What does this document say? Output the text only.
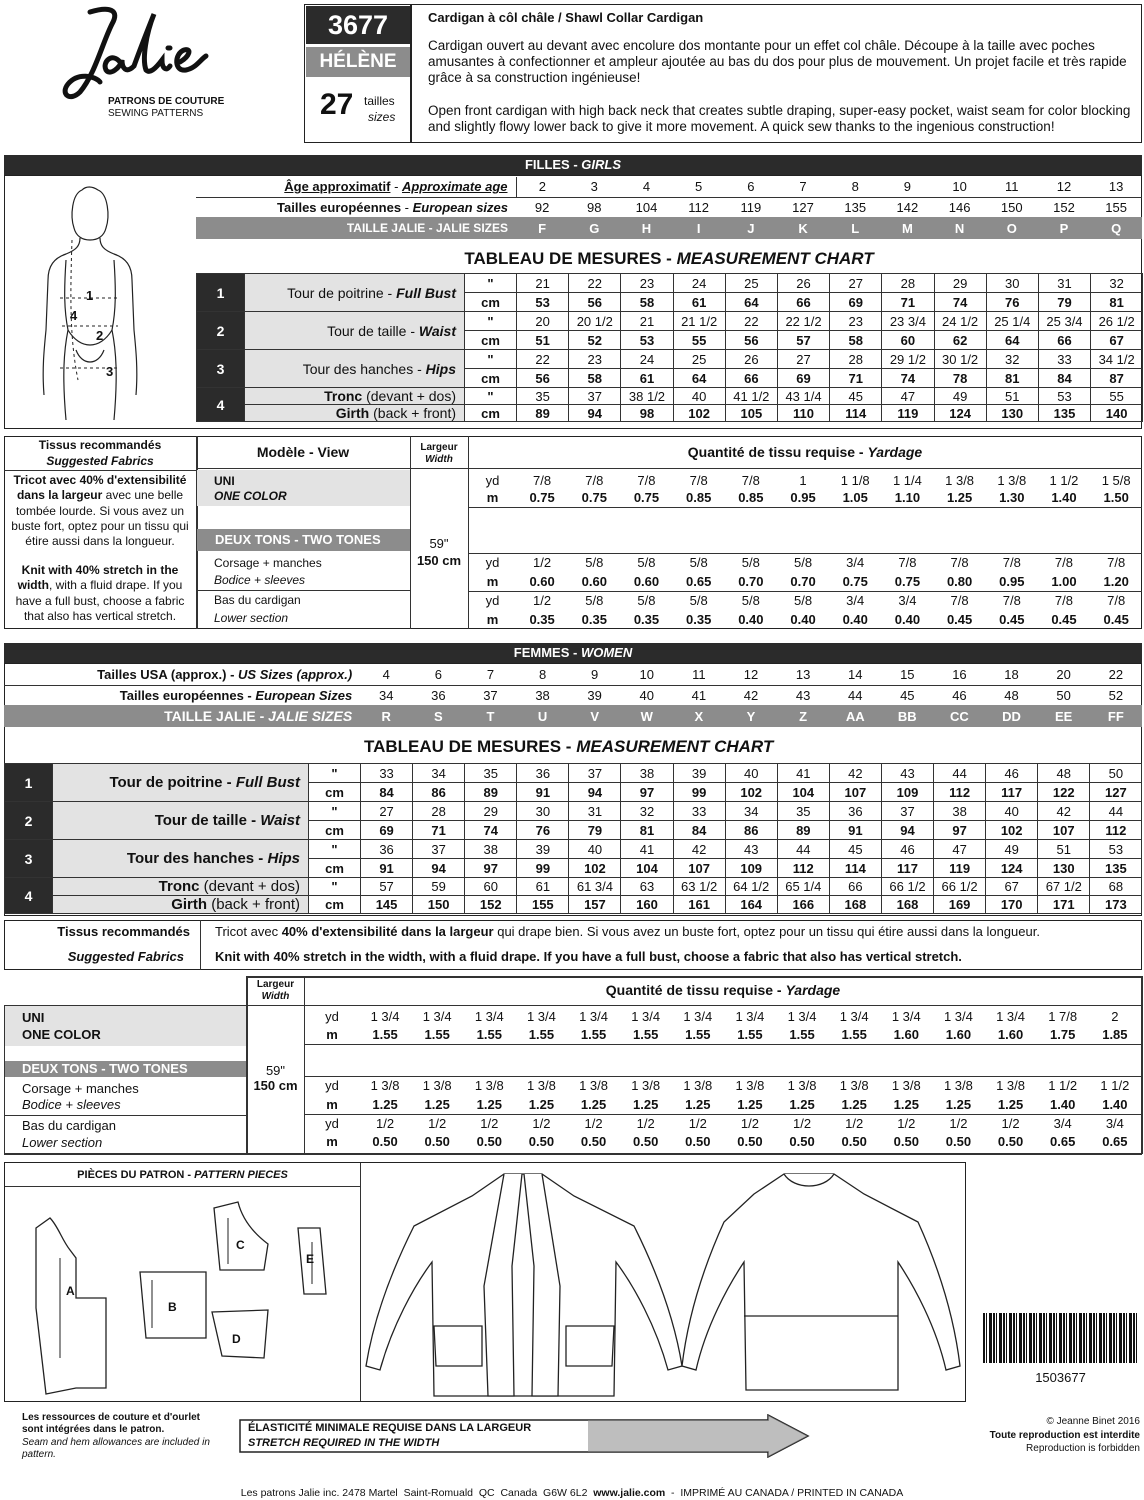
PATRONS DE COUTURE
SEWING PATTERNS
3677
HÉLÈNE
27 tailles
sizes
Cardigan à côl châle / Shawl Collar Cardigan
Cardigan ouvert au devant avec encolure dos montante pour un effet col châle. Découpe à la taille avec poches amusantes à confectionner et ampleur ajoutée au bas du dos pour plus de mouvement. Un projet facile et très rapide grâce à sa construction ingénieuse!
Open front cardigan with high back neck that creates subtle draping, super-easy pocket, waist seam for color blocking and slightly flowy lower back to give it more movement. A quick sew thanks to the ingenious construction!
FILLES - GIRLS
1
2
3
4
Âge approximatif - Approximate age	2	3	4	5	6	7	8	9	10	11	12	13
Tailles européennes - European sizes	92	98	104	112	119	127	135	142	146	150	152	155
TAILLE JALIE - JALIE SIZES	F	G	H	I	J	K	L	M	N	O	P	Q
TABLEAU DE MESURES - MEASUREMENT CHART
1	Tour de poitrine - Full Bust	"	21	22	23	24	25	26	27	28	29	30	31	32
		cm	53	56	58	61	64	66	69	71	74	76	79	81
2	Tour de taille - Waist	"	20	20 1/2	21	21 1/2	22	22 1/2	23	23 3/4	24 1/2	25 1/4	25 3/4	26 1/2
		cm	51	52	53	55	56	57	58	60	62	64	66	67
3	Tour des hanches - Hips	"	22	23	24	25	26	27	28	29 1/2	30 1/2	32	33	34 1/2
		cm	56	58	61	64	66	69	71	74	78	81	84	87
4	Tronc (devant + dos)	"	35	37	38 1/2	40	41 1/2	43 1/4	45	47	49	51	53	55
	Girth (back + front)	cm	89	94	98	102	105	110	114	119	124	130	135	140
Tissus recommandés
Suggested Fabrics
Tricot avec 40% d'extensibilité dans la largeur avec une belle tombée lourde. Si vous avez un buste fort, optez pour un tissu qui étire aussi dans la longueur.
Knit with 40% stretch in the width, with a fluid drape. If you have a full bust, choose a fabric that also has vertical stretch.
Modèle - View	Largeur
Width	Quantité de tissu requise - Yardage
UNI
ONE COLOR
DEUX TONS - TWO TONES
Corsage + manches
Bodice + sleeves
Bas du cardigan
Lower section
59"
150 cm
yd	7/8	7/8	7/8	7/8	7/8	1	1 1/8	1 1/4	1 3/8	1 3/8	1 1/2	1 5/8
m	0.75	0.75	0.75	0.85	0.85	0.95	1.05	1.10	1.25	1.30	1.40	1.50

yd	1/2	5/8	5/8	5/8	5/8	5/8	3/4	7/8	7/8	7/8	7/8	7/8
m	0.60	0.60	0.60	0.65	0.70	0.70	0.75	0.75	0.80	0.95	1.00	1.20
yd	1/2	5/8	5/8	5/8	5/8	5/8	3/4	3/4	7/8	7/8	7/8	7/8
m	0.35	0.35	0.35	0.35	0.40	0.40	0.40	0.40	0.45	0.45	0.45	0.45
FEMMES - WOMEN
Tailles USA (approx.) - US Sizes (approx.)	4	6	7	8	9	10	11	12	13	14	15	16	18	20	22
Tailles européennes - European Sizes	34	36	37	38	39	40	41	42	43	44	45	46	48	50	52
TAILLE JALIE - JALIE SIZES	R	S	T	U	V	W	X	Y	Z	AA	BB	CC	DD	EE	FF
TABLEAU DE MESURES - MEASUREMENT CHART
1	Tour de poitrine - Full Bust	"	33	34	35	36	37	38	39	40	41	42	43	44	46	48	50
		cm	84	86	89	91	94	97	99	102	104	107	109	112	117	122	127
2	Tour de taille - Waist	"	27	28	29	30	31	32	33	34	35	36	37	38	40	42	44
		cm	69	71	74	76	79	81	84	86	89	91	94	97	102	107	112
3	Tour des hanches - Hips	"	36	37	38	39	40	41	42	43	44	45	46	47	49	51	53
		cm	91	94	97	99	102	104	107	109	112	114	117	119	124	130	135
4	Tronc (devant + dos)	"	57	59	60	61	61 3/4	63	63 1/2	64 1/2	65 1/4	66	66 1/2	66 1/2	67	67 1/2	68
	Girth (back + front)	cm	145	150	152	155	157	160	161	164	166	168	168	169	170	171	173
Tissus recommandés
Suggested Fabrics
Tricot avec 40% d'extensibilité dans la largeur qui drape bien. Si vous avez un buste fort, optez pour un tissu qui étire aussi dans la longueur.
Knit with 40% stretch in the width, with a fluid drape. If you have a full bust, choose a fabric that also has vertical stretch.
Largeur
Width	Quantité de tissu requise - Yardage
UNI
ONE COLOR
DEUX TONS - TWO TONES
Corsage + manches
Bodice + sleeves
Bas du cardigan
Lower section
59"
150 cm
yd	1 3/4	1 3/4	1 3/4	1 3/4	1 3/4	1 3/4	1 3/4	1 3/4	1 3/4	1 3/4	1 3/4	1 3/4	1 3/4	1 7/8	2
m	1.55	1.55	1.55	1.55	1.55	1.55	1.55	1.55	1.55	1.55	1.60	1.60	1.60	1.75	1.85

yd	1 3/8	1 3/8	1 3/8	1 3/8	1 3/8	1 3/8	1 3/8	1 3/8	1 3/8	1 3/8	1 3/8	1 3/8	1 3/8	1 1/2	1 1/2
m	1.25	1.25	1.25	1.25	1.25	1.25	1.25	1.25	1.25	1.25	1.25	1.25	1.25	1.40	1.40
yd	1/2	1/2	1/2	1/2	1/2	1/2	1/2	1/2	1/2	1/2	1/2	1/2	1/2	3/4	3/4
m	0.50	0.50	0.50	0.50	0.50	0.50	0.50	0.50	0.50	0.50	0.50	0.50	0.50	0.65	0.65
PIÈCES DU PATRON - PATTERN PIECES
A
B
C
D
E
1503677
Les ressources de couture et d'ourlet sont intégrées dans le patron.
Seam and hem allowances are included in pattern.
ÉLASTICITÉ MINIMALE REQUISE DANS LA LARGEUR
STRETCH REQUIRED IN THE WIDTH
© Jeanne Binet 2016
Toute reproduction est interdite
Reproduction is forbidden
Les patrons Jalie inc. 2478 Martel  Saint-Romuald  QC  Canada  G6W 6L2  www.jalie.com  -  IMPRIMÉ AU CANADA / PRINTED IN CANADA
